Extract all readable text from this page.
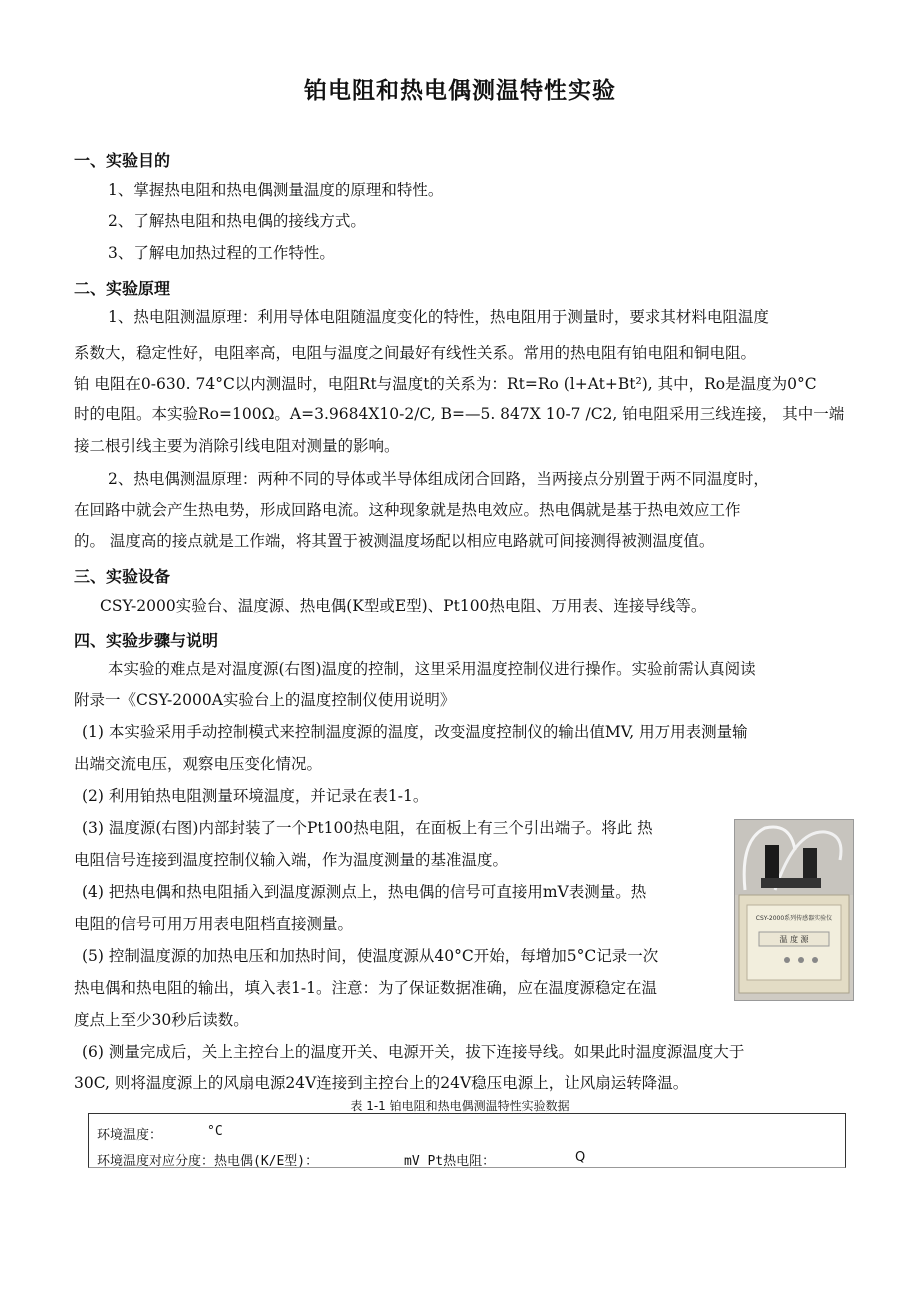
铂电阻和热电偶测温特性实验
一、实验目的
1、掌握热电阻和热电偶测量温度的原理和特性。
2、了解热电阻和热电偶的接线方式。
3、了解电加热过程的工作特性。
二、实验原理
1、热电阻测温原理：利用导体电阻随温度变化的特性，热电阻用于测量时，要求其材料电阻温度
系数大，稳定性好，电阻率高，电阻与温度之间最好有线性关系。常用的热电阻有铂电阻和铜电阻。
铂 电阻在0-630. 74°C以内测温时，电阻Rt与温度t的关系为：Rt=Ro (l+At+Bt²), 其中，Ro是温度为0°C
时的电阻。本实验Ro=100Ω。A=3.9684X10-2/C, B=—5. 847X 10-7 /C2, 铂电阻采用三线连接， 其中一端
接二根引线主要为消除引线电阻对测量的影响。
2、热电偶测温原理：两种不同的导体或半导体组成闭合回路，当两接点分别置于两不同温度时，
在回路中就会产生热电势，形成回路电流。这种现象就是热电效应。热电偶就是基于热电效应工作
的。 温度高的接点就是工作端，将其置于被测温度场配以相应电路就可间接测得被测温度值。
三、实验设备
CSY-2000实验台、温度源、热电偶(K型或E型)、Pt100热电阻、万用表、连接导线等。
四、实验步骤与说明
本实验的难点是对温度源(右图)温度的控制，这里采用温度控制仪进行操作。实验前需认真阅读
附录一《CSY-2000A实验台上的温度控制仪使用说明》
(1) 本实验采用手动控制模式来控制温度源的温度，改变温度控制仪的输出值MV, 用万用表测量输
出端交流电压，观察电压变化情况。
(2) 利用铂热电阻测量环境温度，并记录在表1-1。
(3) 温度源(右图)内部封装了一个Pt100热电阻，在面板上有三个引出端子。将此 热
电阻信号连接到温度控制仪输入端，作为温度测量的基准温度。
(4) 把热电偶和热电阻插入到温度源测点上，热电偶的信号可直接用mV表测量。热
电阻的信号可用万用表电阻档直接测量。
(5) 控制温度源的加热电压和加热时间，使温度源从40°C开始，每增加5°C记录一次
热电偶和热电阻的输出，填入表1-1。注意：为了保证数据准确，应在温度源稳定在温
度点上至少30秒后读数。
(6) 测量完成后，关上主控台上的温度开关、电源开关，拔下连接导线。如果此时温度源温度大于
30C, 则将温度源上的风扇电源24V连接到主控台上的24V稳压电源上，让风扇运转降温。
CSY-2000系列传感器实验仪
温 度 源
表 1-1 铂电阻和热电偶测温特性实验数据
环境温度：	°C
环境温度对应分度：热电偶(K/E型)：	mV Pt热电阻：	Q
